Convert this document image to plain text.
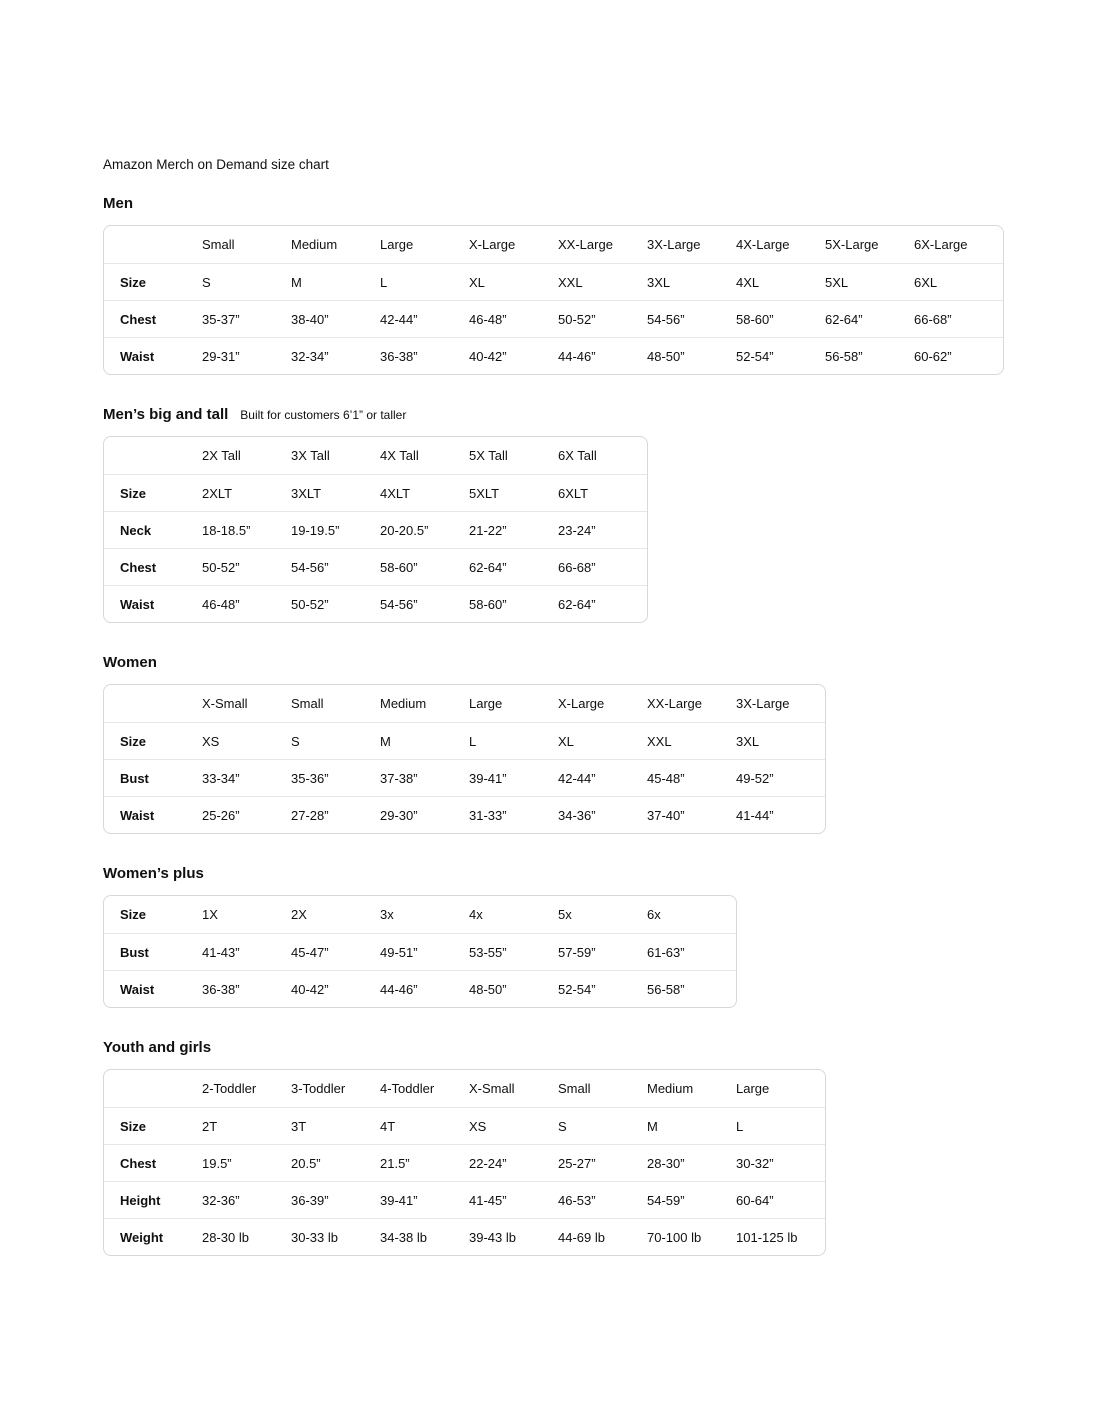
Amazon Merch on Demand size chart

Men
	Small	Medium	Large	X-Large	XX-Large	3X-Large	4X-Large	5X-Large	6X-Large
Size	S	M	L	XL	XXL	3XL	4XL	5XL	6XL
Chest	35-37”	38-40”	42-44”	46-48”	50-52”	54-56”	58-60”	62-64”	66-68”
Waist	29-31”	32-34”	36-38”	40-42”	44-46”	48-50”	52-54”	56-58”	60-62”
Men’s big and tall Built for customers 6’1” or taller
	2X Tall	3X Tall	4X Tall	5X Tall	6X Tall
Size	2XLT	3XLT	4XLT	5XLT	6XLT
Neck	18-18.5”	19-19.5”	20-20.5”	21-22”	23-24”
Chest	50-52”	54-56”	58-60”	62-64”	66-68”
Waist	46-48”	50-52”	54-56”	58-60”	62-64”
Women
	X-Small	Small	Medium	Large	X-Large	XX-Large	3X-Large
Size	XS	S	M	L	XL	XXL	3XL
Bust	33-34”	35-36”	37-38”	39-41”	42-44”	45-48”	49-52”
Waist	25-26”	27-28”	29-30”	31-33”	34-36”	37-40”	41-44”
Women’s plus
Size	1X	2X	3x	4x	5x	6x
Bust	41-43”	45-47”	49-51”	53-55”	57-59”	61-63”
Waist	36-38”	40-42”	44-46”	48-50”	52-54”	56-58”
Youth and girls
	2-Toddler	3-Toddler	4-Toddler	X-Small	Small	Medium	Large
Size	2T	3T	4T	XS	S	M	L
Chest	19.5”	20.5”	21.5”	22-24”	25-27”	28-30”	30-32”
Height	32-36”	36-39”	39-41”	41-45”	46-53”	54-59”	60-64”
Weight	28-30 lb	30-33 lb	34-38 lb	39-43 lb	44-69 lb	70-100 lb	101-125 lb
